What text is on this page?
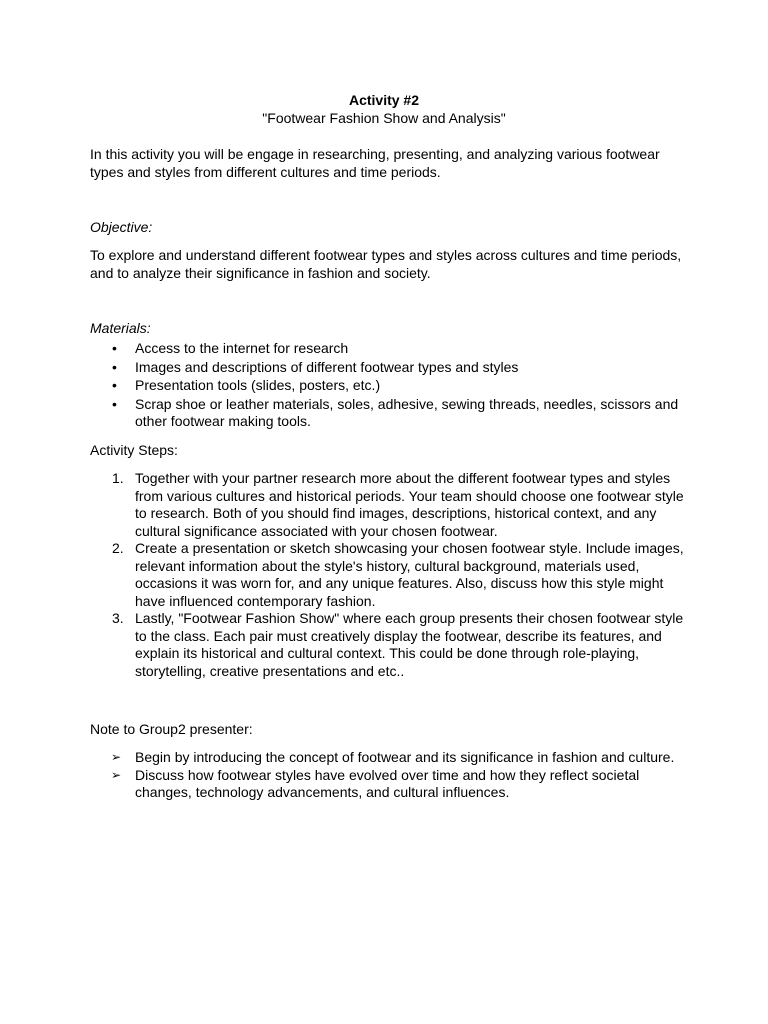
Activity #2

"Footwear Fashion Show and Analysis"

In this activity you will be engage in researching, presenting, and analyzing various footwear types and styles from different cultures and time periods.

Objective:

To explore and understand different footwear types and styles across cultures and time periods, and to analyze their significance in fashion and society.

Materials:

•	Access to the internet for research
•	Images and descriptions of different footwear types and styles
•	Presentation tools (slides, posters, etc.)
•	Scrap shoe or leather materials, soles, adhesive, sewing threads, needles, scissors and other footwear making tools.

Activity Steps:

1. Together with your partner research more about the different footwear types and styles from various cultures and historical periods. Your team should choose one footwear style to research. Both of you should find images, descriptions, historical context, and any cultural significance associated with your chosen footwear.
2. Create a presentation or sketch showcasing your chosen footwear style. Include images, relevant information about the style's history, cultural background, materials used, occasions it was worn for, and any unique features. Also, discuss how this style might have influenced contemporary fashion.
3. Lastly, "Footwear Fashion Show" where each group presents their chosen footwear style to the class. Each pair must creatively display the footwear, describe its features, and explain its historical and cultural context. This could be done through role-playing, storytelling, creative presentations and etc..

Note to Group2 presenter:

➢ Begin by introducing the concept of footwear and its significance in fashion and culture.
➢ Discuss how footwear styles have evolved over time and how they reflect societal changes, technology advancements, and cultural influences.
